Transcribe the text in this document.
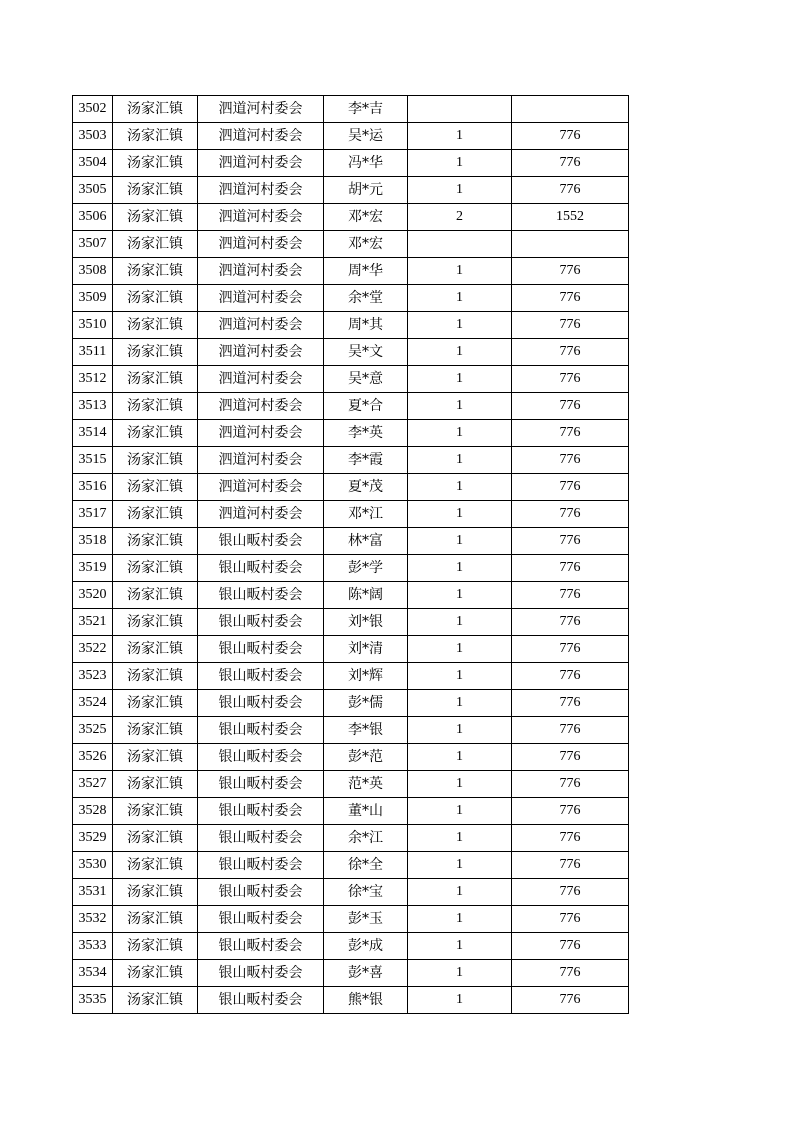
3502	汤家汇镇	泗道河村委会	李*吉		
3503	汤家汇镇	泗道河村委会	吴*运	1	776
3504	汤家汇镇	泗道河村委会	冯*华	1	776
3505	汤家汇镇	泗道河村委会	胡*元	1	776
3506	汤家汇镇	泗道河村委会	邓*宏	2	1552
3507	汤家汇镇	泗道河村委会	邓*宏		
3508	汤家汇镇	泗道河村委会	周*华	1	776
3509	汤家汇镇	泗道河村委会	余*堂	1	776
3510	汤家汇镇	泗道河村委会	周*其	1	776
3511	汤家汇镇	泗道河村委会	吴*文	1	776
3512	汤家汇镇	泗道河村委会	吴*意	1	776
3513	汤家汇镇	泗道河村委会	夏*合	1	776
3514	汤家汇镇	泗道河村委会	李*英	1	776
3515	汤家汇镇	泗道河村委会	李*霞	1	776
3516	汤家汇镇	泗道河村委会	夏*茂	1	776
3517	汤家汇镇	泗道河村委会	邓*江	1	776
3518	汤家汇镇	银山畈村委会	林*富	1	776
3519	汤家汇镇	银山畈村委会	彭*学	1	776
3520	汤家汇镇	银山畈村委会	陈*阔	1	776
3521	汤家汇镇	银山畈村委会	刘*银	1	776
3522	汤家汇镇	银山畈村委会	刘*清	1	776
3523	汤家汇镇	银山畈村委会	刘*辉	1	776
3524	汤家汇镇	银山畈村委会	彭*儒	1	776
3525	汤家汇镇	银山畈村委会	李*银	1	776
3526	汤家汇镇	银山畈村委会	彭*范	1	776
3527	汤家汇镇	银山畈村委会	范*英	1	776
3528	汤家汇镇	银山畈村委会	董*山	1	776
3529	汤家汇镇	银山畈村委会	余*江	1	776
3530	汤家汇镇	银山畈村委会	徐*全	1	776
3531	汤家汇镇	银山畈村委会	徐*宝	1	776
3532	汤家汇镇	银山畈村委会	彭*玉	1	776
3533	汤家汇镇	银山畈村委会	彭*成	1	776
3534	汤家汇镇	银山畈村委会	彭*喜	1	776
3535	汤家汇镇	银山畈村委会	熊*银	1	776
